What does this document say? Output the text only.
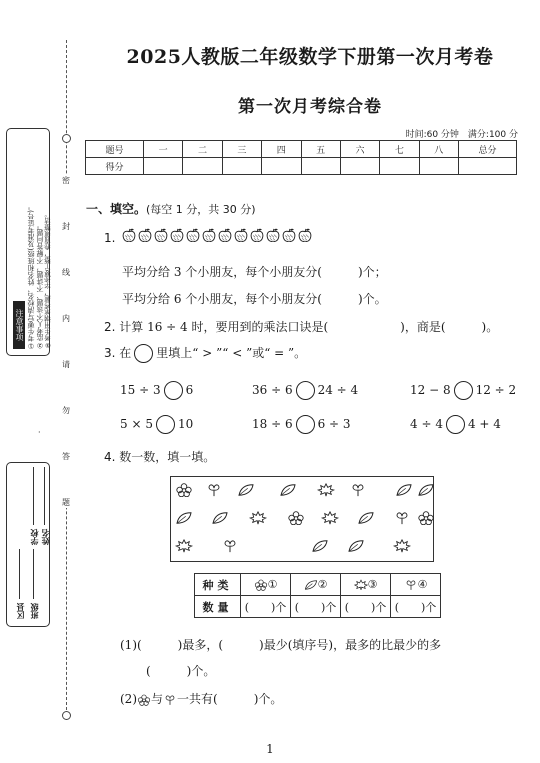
密
封
线
内
请
勿
答
题
注意事项 ①考生要写清校名、姓名和班级(及准考证号)。 ②监考人不该题、不讲题，不解答问题。 ③考生用钢笔答题，字迹要工整，卷面须整洁。
·
学校 姓名
区县 班级
2025人教版二年级数学下册第一次月考卷
第一次月考综合卷
时间:60 分钟　满分:100 分
题号	一	二	三	四	五	六	七	八	总分
得分									
一、填空。(每空 1 分，共 30 分)
1.
平均分给 3 个小朋友，每个小朋友分(　　　)个；
平均分给 6 个小朋友，每个小朋友分(　　　)个。
2. 计算 16 ÷ 4 时，要用到的乘法口诀是(　　　　　　)，商是(　　　)。
3. 在 里填上“ > ”“ < ”或“ = ”。
15 ÷ 3 6	36 ÷ 6 24 ÷ 4	12 − 8 12 ÷ 2
5 × 5 10	18 ÷ 6 6 ÷ 3	4 ÷ 4 4 + 4
4. 数一数，填一填。
种类	①	②	③	④
数量	(　　)个	(　　)个	(　　)个	(　　)个
(1)(　　　)最多，(　　　)最少(填序号)，最多的比最少的多
(　　　)个。
(2) 与 一共有(　　　)个。
1
